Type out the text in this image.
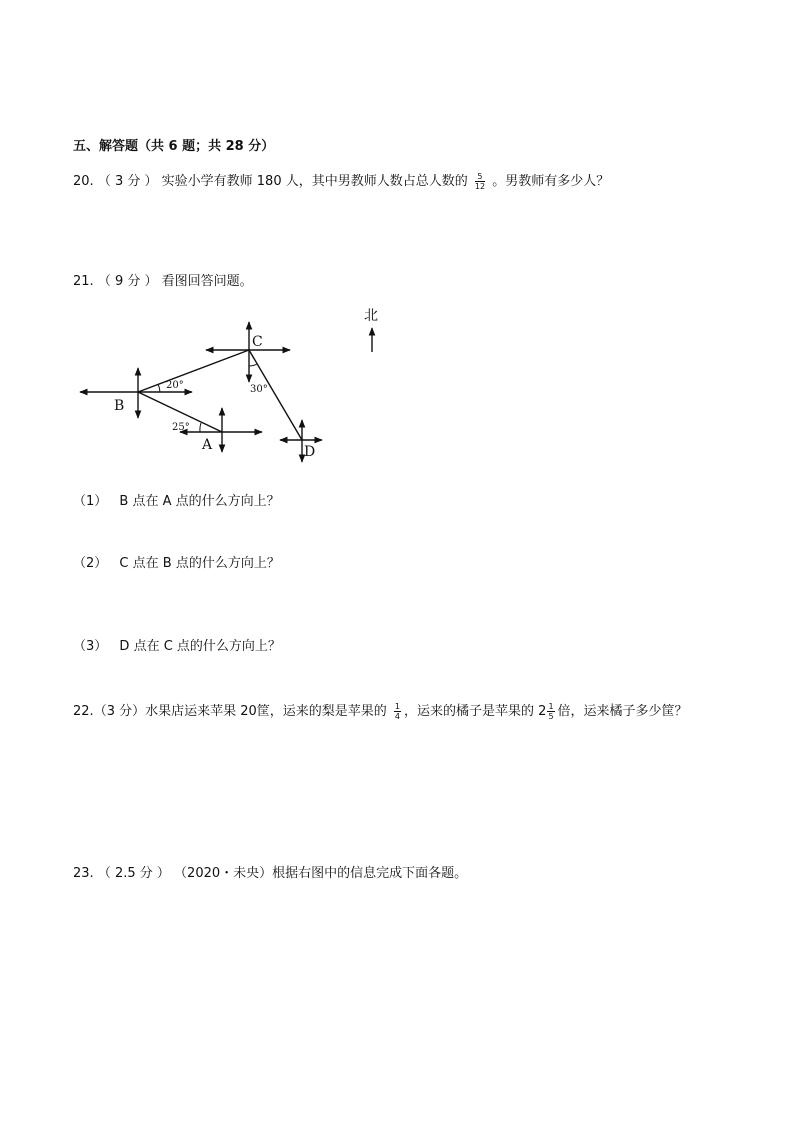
五、解答题（共 6 题；共 28 分）
20. （ 3 分 ） 实验小学有教师 180 人，其中男教师人数占总人数的 $\frac{5}{12}$ 。男教师有多少人？
21. （ 9 分 ） 看图回答问题。
北
C
B
A	D
20°
25°
30°
（1） B 点在 A 点的什么方向上？
（2） C 点在 B 点的什么方向上？
（3） D 点在 C 点的什么方向上？
22.（3 分）水果店运来苹果 20筐，运来的梨是苹果的 $\frac{1}{4}$ ，运来的橘子是苹果的 $2 \frac{1}{5}$ 倍，运来橘子多少筐？
23. （ 2.5 分 ） （2020・未央）根据右图中的信息完成下面各题。
